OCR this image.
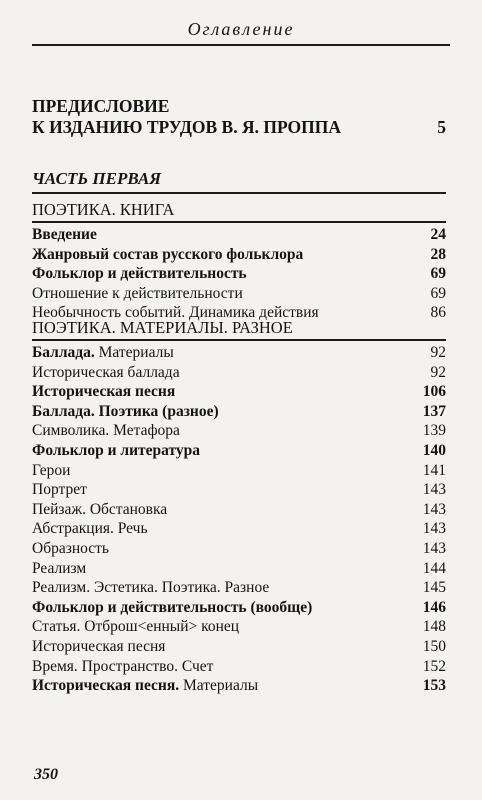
Оглавление
ПРЕДИСЛОВИЕ
К ИЗДАНИЮ ТРУДОВ В. Я. ПРОППА	5
ЧАСТЬ ПЕРВАЯ
ПОЭТИКА. КНИГА
Введение	24
Жанровый состав русского фольклора	28
Фольклор и действительность	69
Отношение к действительности	69
Необычность событий. Динамика действия	86
ПОЭТИКА. МАТЕРИАЛЫ. РАЗНОЕ
Баллада. Материалы	92
Историческая баллада	92
Историческая песня	106
Баллада. Поэтика (разное)	137
Символика. Метафора	139
Фольклор и литература	140
Герои	141
Портрет	143
Пейзаж. Обстановка	143
Абстракция. Речь	143
Образность	143
Реализм	144
Реализм. Эстетика. Поэтика. Разное	145
Фольклор и действительность (вообще)	146
Статья. Отброш<енный> конец	148
Историческая песня	150
Время. Пространство. Счет	152
Историческая песня. Материалы	153
350
